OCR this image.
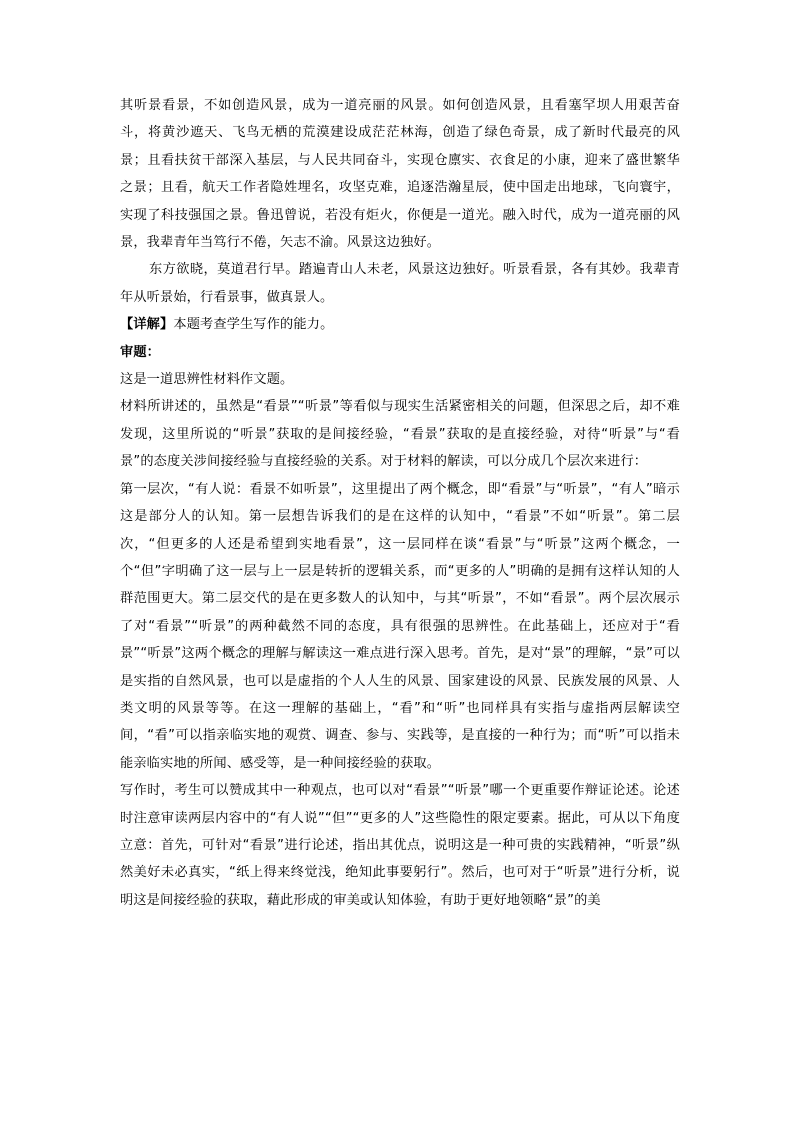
其听景看景，不如创造风景，成为一道亮丽的风景。如何创造风景，且看塞罕坝人用艰苦奋斗，将黄沙遮天、飞鸟无栖的荒漠建设成茫茫林海，创造了绿色奇景，成了新时代最亮的风景；且看扶贫干部深入基层，与人民共同奋斗，实现仓廪实、衣食足的小康，迎来了盛世繁华之景；且看，航天工作者隐姓埋名，攻坚克难，追逐浩瀚星辰，使中国走出地球，飞向寰宇，实现了科技强国之景。鲁迅曾说，若没有炬火，你便是一道光。融入时代，成为一道亮丽的风景，我辈青年当笃行不倦，矢志不渝。风景这边独好。

东方欲晓，莫道君行早。踏遍青山人未老，风景这边独好。听景看景，各有其妙。我辈青年从听景始，行看景事，做真景人。

【详解】本题考查学生写作的能力。

审题：

这是一道思辨性材料作文题。

材料所讲述的，虽然是“看景”“听景”等看似与现实生活紧密相关的问题，但深思之后，却不难发现，这里所说的“听景”获取的是间接经验，“看景”获取的是直接经验，对待“听景”与“看景”的态度关涉间接经验与直接经验的关系。对于材料的解读，可以分成几个层次来进行：

第一层次，“有人说：看景不如听景”，这里提出了两个概念，即“看景”与“听景”，“有人”暗示这是部分人的认知。第一层想告诉我们的是在这样的认知中，“看景”不如“听景”。第二层次，“但更多的人还是希望到实地看景”，这一层同样在谈“看景”与“听景”这两个概念，一个“但”字明确了这一层与上一层是转折的逻辑关系，而“更多的人”明确的是拥有这样认知的人群范围更大。第二层交代的是在更多数人的认知中，与其“听景”，不如“看景”。两个层次展示了对“看景”“听景”的两种截然不同的态度，具有很强的思辨性。在此基础上，还应对于“看景”“听景”这两个概念的理解与解读这一难点进行深入思考。首先，是对“景”的理解，“景”可以是实指的自然风景，也可以是虚指的个人人生的风景、国家建设的风景、民族发展的风景、人类文明的风景等等。在这一理解的基础上，“看”和“听”也同样具有实指与虚指两层解读空间，“看”可以指亲临实地的观赏、调查、参与、实践等，是直接的一种行为；而“听”可以指未能亲临实地的所闻、感受等，是一种间接经验的获取。

写作时，考生可以赞成其中一种观点，也可以对“看景”“听景”哪一个更重要作辩证论述。论述时注意审读两层内容中的“有人说”“但”“更多的人”这些隐性的限定要素。据此，可从以下角度立意：首先，可针对“看景”进行论述，指出其优点，说明这是一种可贵的实践精神，“听景”纵然美好未必真实，“纸上得来终觉浅，绝知此事要躬行”。然后，也可对于“听景”进行分析，说明这是间接经验的获取，藉此形成的审美或认知体验，有助于更好地领略“景”的美
